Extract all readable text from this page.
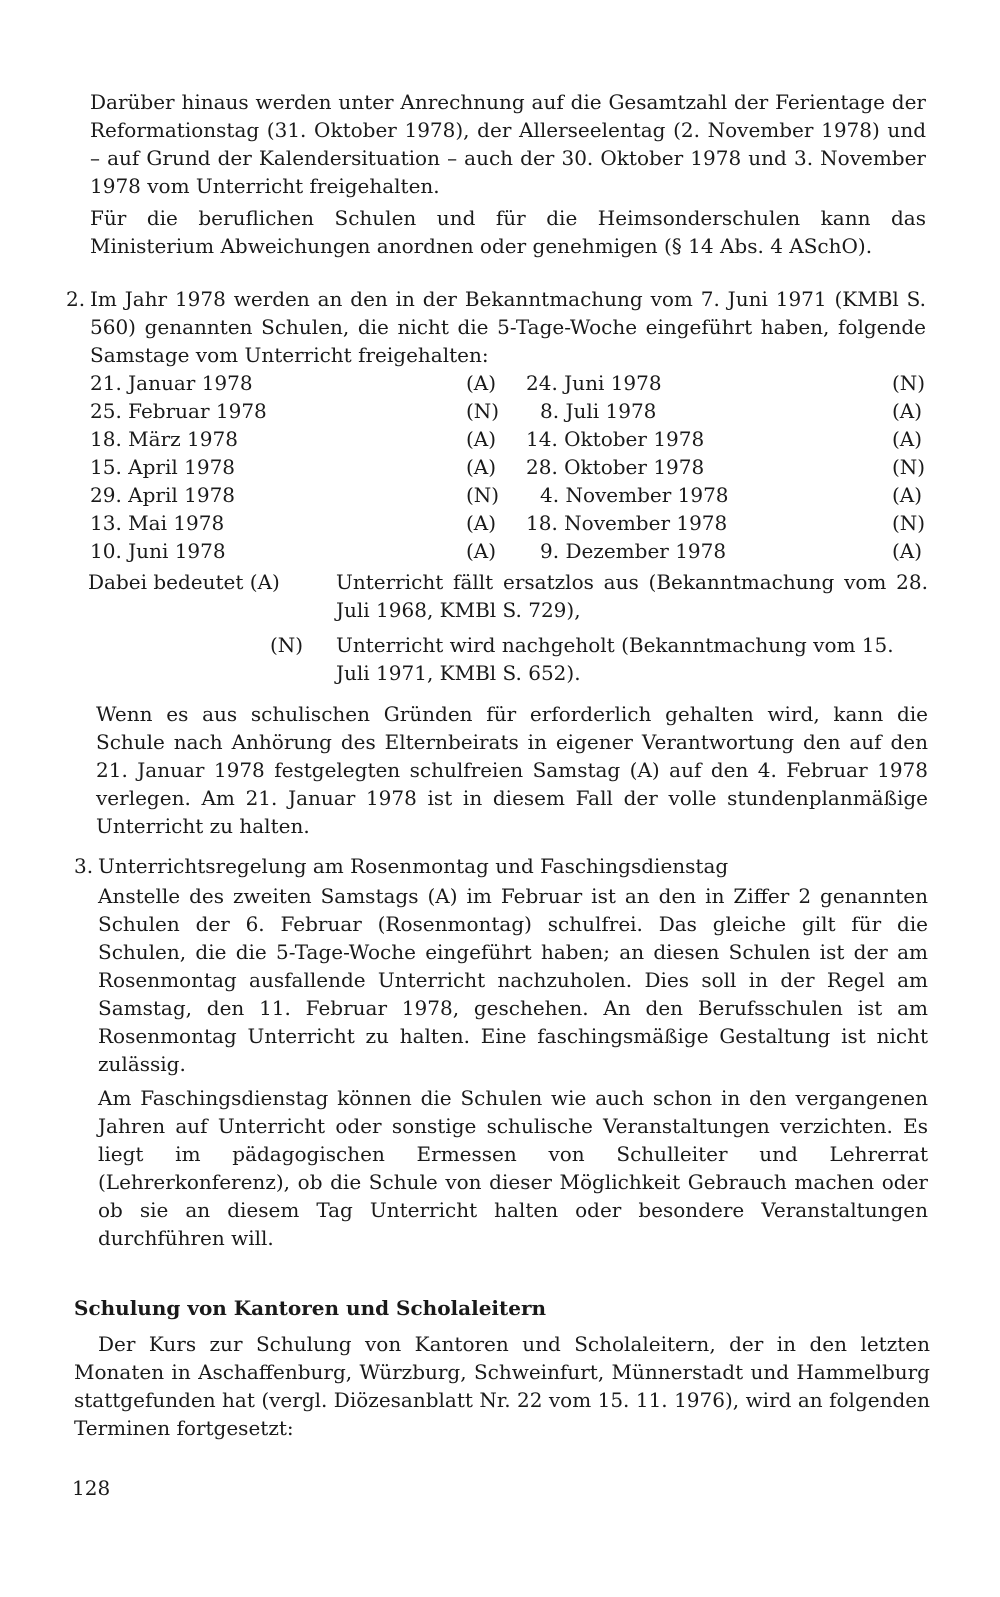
Darüber hinaus werden unter Anrechnung auf die Gesamtzahl der Ferientage der Reformationstag (31. Oktober 1978), der Allerseelentag (2. November 1978) und – auf Grund der Kalendersituation – auch der 30. Oktober 1978 und 3. November 1978 vom Unterricht freigehalten.

Für die beruflichen Schulen und für die Heimsonderschulen kann das Ministerium Abweichungen anordnen oder genehmigen (§ 14 Abs. 4 ASchO).

2. Im Jahr 1978 werden an den in der Bekanntmachung vom 7. Juni 1971 (KMBl S. 560) genannten Schulen, die nicht die 5-Tage-Woche eingeführt haben, folgende Samstage vom Unterricht freigehalten:

21. Januar 1978	(A) 24. Juni 1978	(N)
25. Februar 1978	(N) 8. Juli 1978	(A)
18. März 1978	(A) 14. Oktober 1978	(A)
15. April 1978	(A) 28. Oktober 1978	(N)
29. April 1978	(N) 4. November 1978	(A)
13. Mai 1978	(A) 18. November 1978	(N)
10. Juni 1978	(A) 9. Dezember 1978	(A)
Dabei bedeutet (A)	Unterricht fällt ersatzlos aus (Bekanntmachung vom 28. Juli 1968, KMBl S. 729),

(N) Unterricht wird nachgeholt (Bekanntmachung vom 15. Juli 1971, KMBl S. 652).

Wenn es aus schulischen Gründen für erforderlich gehalten wird, kann die Schule nach Anhörung des Elternbeirats in eigener Verantwortung den auf den 21. Januar 1978 festgelegten schulfreien Samstag (A) auf den 4. Februar 1978 verlegen. Am 21. Januar 1978 ist in diesem Fall der volle stundenplanmäßige Unterricht zu halten.

3. Unterrichtsregelung am Rosenmontag und Faschingsdienstag

Anstelle des zweiten Samstags (A) im Februar ist an den in Ziffer 2 genannten Schulen der 6. Februar (Rosenmontag) schulfrei. Das gleiche gilt für die Schulen, die die 5-Tage-Woche eingeführt haben; an diesen Schulen ist der am Rosenmontag ausfallende Unterricht nachzuholen. Dies soll in der Regel am Samstag, den 11. Februar 1978, geschehen. An den Berufsschulen ist am Rosenmontag Unterricht zu halten. Eine faschingsmäßige Gestaltung ist nicht zulässig.

Am Faschingsdienstag können die Schulen wie auch schon in den vergangenen Jahren auf Unterricht oder sonstige schulische Veranstaltungen verzichten. Es liegt im pädagogischen Ermessen von Schulleiter und Lehrerrat (Lehrerkonferenz), ob die Schule von dieser Möglichkeit Gebrauch machen oder ob sie an diesem Tag Unterricht halten oder besondere Veranstaltungen durchführen will.

Schulung von Kantoren und Scholaleitern

Der Kurs zur Schulung von Kantoren und Scholaleitern, der in den letzten Monaten in Aschaffenburg, Würzburg, Schweinfurt, Münnerstadt und Hammelburg stattgefunden hat (vergl. Diözesanblatt Nr. 22 vom 15. 11. 1976), wird an folgenden Terminen fortgesetzt:

128
